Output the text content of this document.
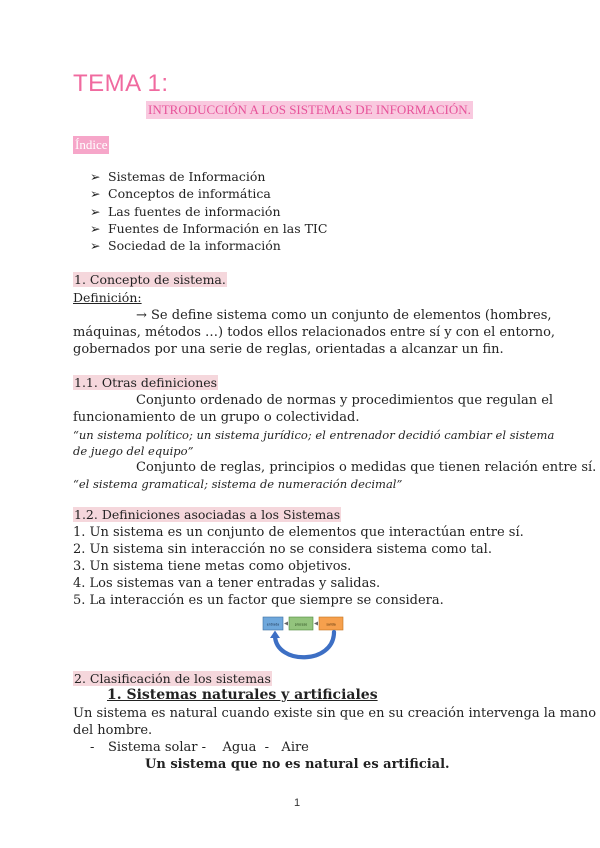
TEMA 1:
INTRODUCCIÓN A LOS SISTEMAS DE INFORMACIÓN.
Índice
➢ Sistemas de Información
➢ Conceptos de informática
➢ Las fuentes de información
➢ Fuentes de Información en las TIC
➢ Sociedad de la información
1. Concepto de sistema.
Definición:
→ Se define sistema como un conjunto de elementos (hombres,
máquinas, métodos …) todos ellos relacionados entre sí y con el entorno,
gobernados por una serie de reglas, orientadas a alcanzar un fin.
1.1. Otras definiciones
Conjunto ordenado de normas y procedimientos que regulan el
funcionamiento de un grupo o colectividad.
“un sistema político; un sistema jurídico; el entrenador decidió cambiar el sistema
de juego del equipo”
Conjunto de reglas, principios o medidas que tienen relación entre sí.
“el sistema gramatical; sistema de numeración decimal”
1.2. Definiciones asociadas a los Sistemas
1. Un sistema es un conjunto de elementos que interactúan entre sí.
2. Un sistema sin interacción no se considera sistema como tal.
3. Un sistema tiene metas como objetivos.
4. Los sistemas van a tener entradas y salidas.
5. La interacción es un factor que siempre se considera.
entrada	proceso	salida
retroalimentación
2. Clasificación de los sistemas
1. Sistemas naturales y artificiales
Un sistema es natural cuando existe sin que en su creación intervenga la mano
del hombre.
- Sistema solar -    Agua  -   Aire
Un sistema que no es natural es artificial.
1
